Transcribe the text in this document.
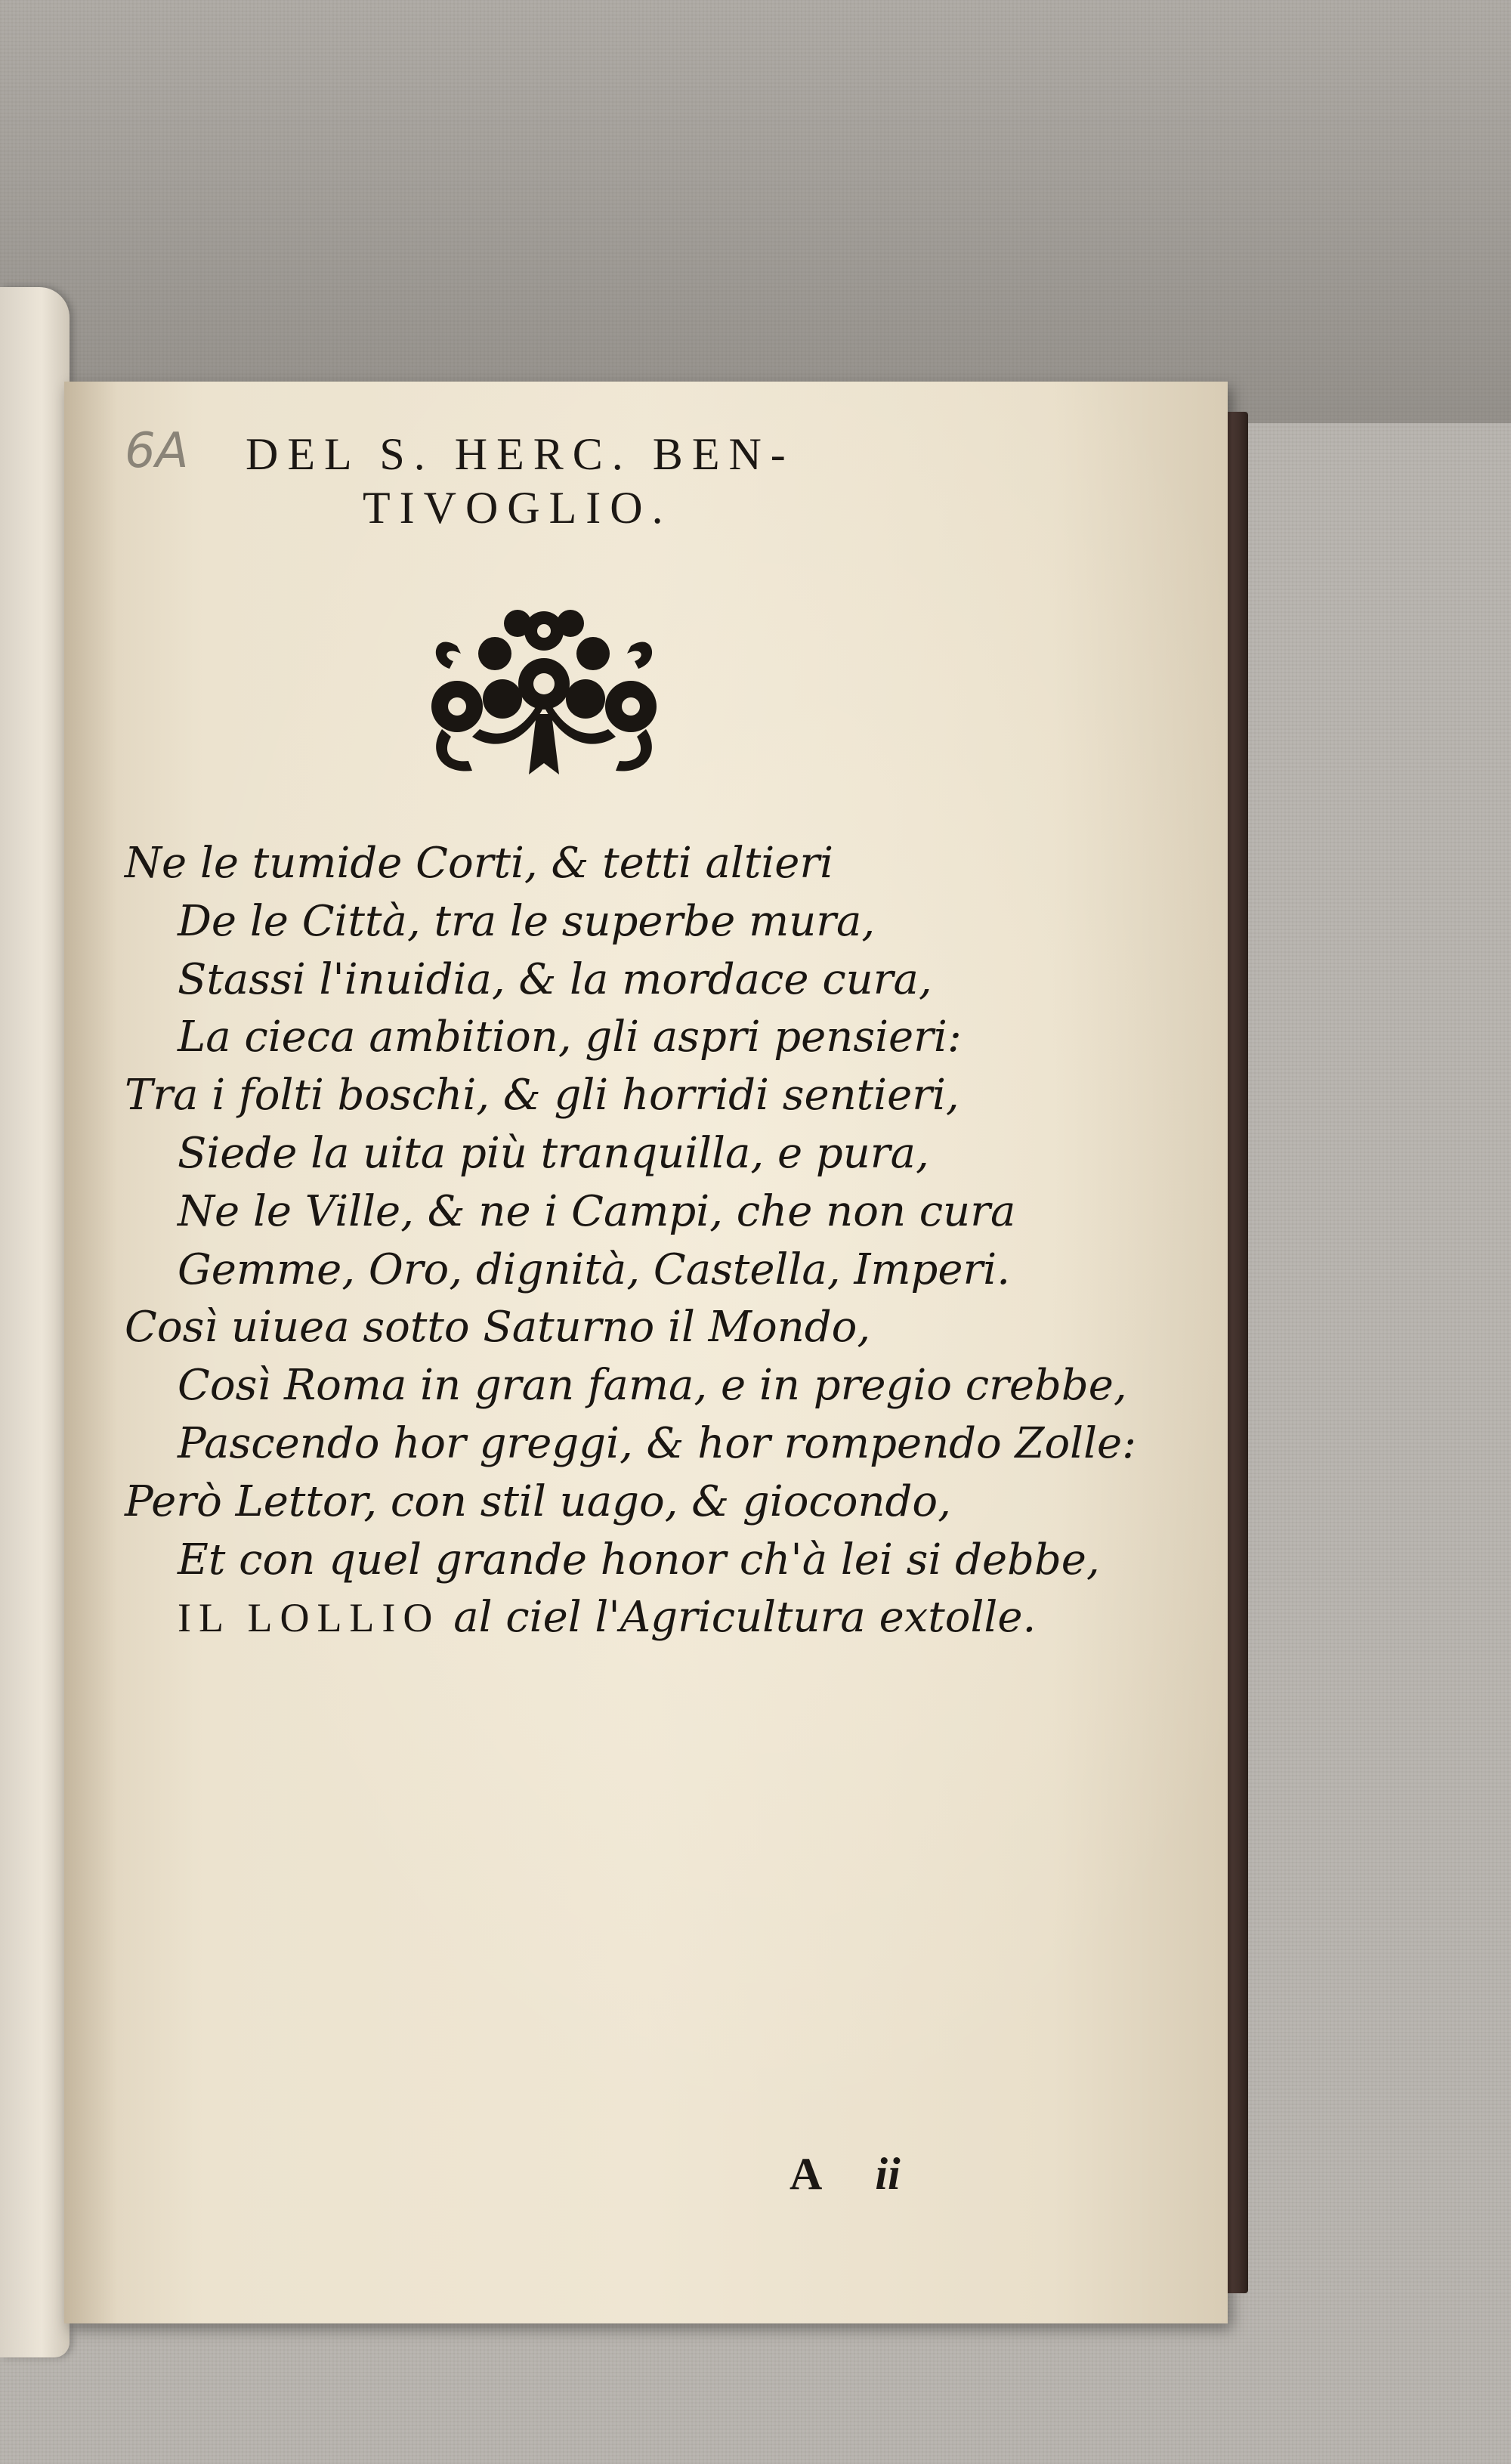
6A DEL S. HERC. BEN-
TIVOGLIO.
Ne le tumide Corti, & tetti altieri
De le Città, tra le superbe mura,
Stassi l'inuidia, & la mordace cura,
La cieca ambition, gli aspri pensieri:
Tra i folti boschi, & gli horridi sentieri,
Siede la uita più tranquilla, e pura,
Ne le Ville, & ne i Campi, che non cura
Gemme, Oro, dignità, Castella, Imperi.
Così uiuea sotto Saturno il Mondo,
Così Roma in gran fama, e in pregio crebbe,
Pascendo hor greggi, & hor rompendo Zolle:
Però Lettor, con stil uago, & giocondo,
Et con quel grande honor ch'à lei si debbe,
IL LOLLIO al ciel l'Agricultura extolle.
A ii
